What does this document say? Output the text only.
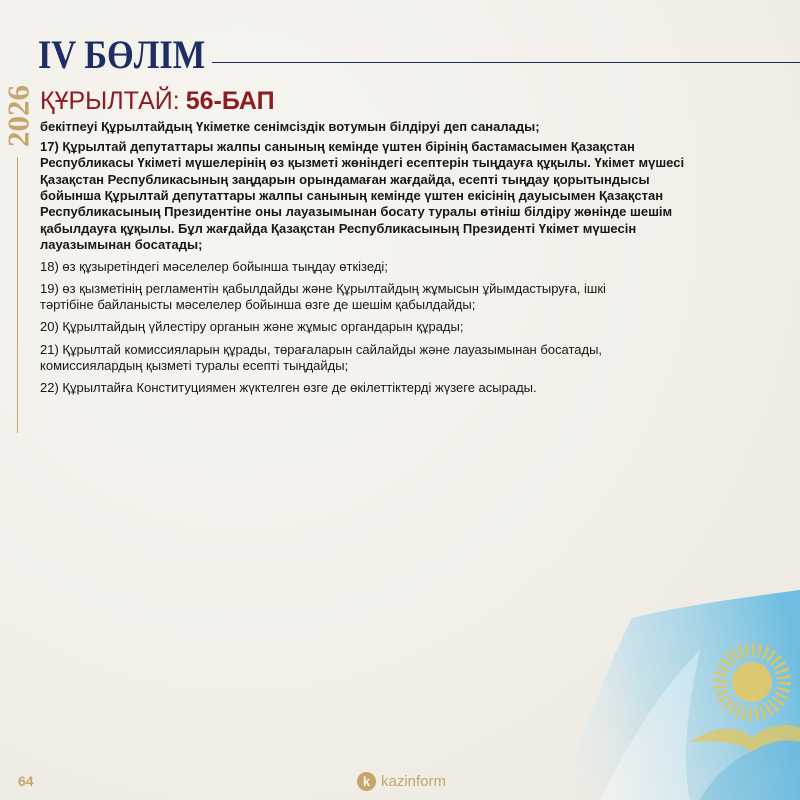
IV БӨЛІМ
2026 ҚҰРЫЛТАЙ: 56-БАП

бекітпеуі Құрылтайдың Үкіметке сенімсіздік вотумын білдіруі деп саналады;

17) Құрылтай депутаттары жалпы санының кемінде үштен бірінің бастамасымен Қазақстан
Республикасы Үкіметі мүшелерінің өз қызметі жөніндегі есептерін тыңдауға құқылы. Үкімет мүшесі
Қазақстан Республикасының заңдарын орындамаған жағдайда, есепті тыңдау қорытындысы
бойынша Құрылтай депутаттары жалпы санының кемінде үштен екісінің дауысымен Қазақстан
Республикасының Президентіне оны лауазымынан босату туралы өтініш білдіру жөнінде шешім
қабылдауға құқылы. Бұл жағдайда Қазақстан Республикасының Президенті Үкімет мүшесін
лауазымынан босатады;

18) өз құзыретіндегі мәселелер бойынша тыңдау өткізеді;

19) өз қызметінің регламентін қабылдайды және Құрылтайдың жұмысын ұйымдастыруға, ішкі
тәртібіне байланысты мәселелер бойынша өзге де шешім қабылдайды;

20) Құрылтайдың үйлестіру органын және жұмыс органдарын құрады;

21) Құрылтай комиссияларын құрады, төрағаларын сайлайды және лауазымынан босатады,
комиссиялардың қызметі туралы есепті тыңдайды;

22) Құрылтайға Конституциямен жүктелген өзге де өкілеттіктерді жүзеге асырады.

64	k kazinform
